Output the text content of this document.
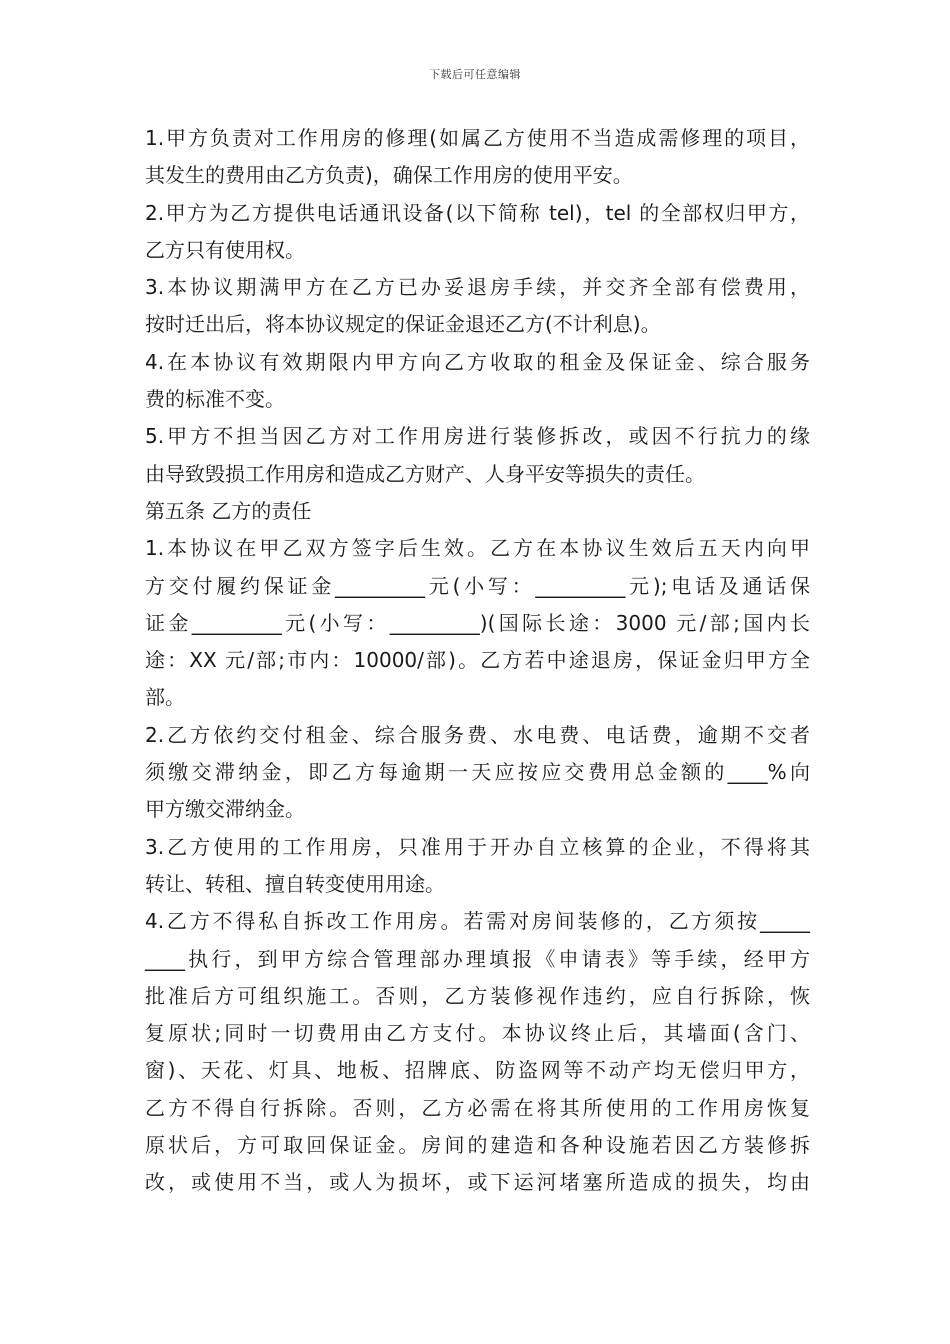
下载后可任意编辑
1.甲方负责对工作用房的修理(如属乙方使用不当造成需修理的项目，
其发生的费用由乙方负责)，确保工作用房的使用平安。
2.甲方为乙方提供电话通讯设备(以下简称 tel)，tel 的全部权归甲方，
乙方只有使用权。
3.本协议期满甲方在乙方已办妥退房手续，并交齐全部有偿费用，
按时迁出后，将本协议规定的保证金退还乙方(不计利息)。
4.在本协议有效期限内甲方向乙方收取的租金及保证金、综合服务
费的标准不变。
5.甲方不担当因乙方对工作用房进行装修拆改，或因不行抗力的缘
由导致毁损工作用房和造成乙方财产、人身平安等损失的责任。
第五条 乙方的责任
1.本协议在甲乙双方签字后生效。乙方在本协议生效后五天内向甲
方交付履约保证金_________元(小写：_________元);电话及通话保
证金_________元(小写：_________)(国际长途：3000 元/部;国内长
途：XX 元/部;市内：10000/部)。乙方若中途退房，保证金归甲方全
部。
2.乙方依约交付租金、综合服务费、水电费、电话费，逾期不交者
须缴交滞纳金，即乙方每逾期一天应按应交费用总金额的____%向
甲方缴交滞纳金。
3.乙方使用的工作用房，只准用于开办自立核算的企业，不得将其
转让、转租、擅自转变使用用途。
4.乙方不得私自拆改工作用房。若需对房间装修的，乙方须按_____
____执行，到甲方综合管理部办理填报《申请表》等手续，经甲方
批准后方可组织施工。否则，乙方装修视作违约，应自行拆除，恢
复原状;同时一切费用由乙方支付。本协议终止后，其墙面(含门、
窗)、天花、灯具、地板、招牌底、防盗网等不动产均无偿归甲方，
乙方不得自行拆除。否则，乙方必需在将其所使用的工作用房恢复
原状后，方可取回保证金。房间的建造和各种设施若因乙方装修拆
改，或使用不当，或人为损坏，或下运河堵塞所造成的损失，均由
